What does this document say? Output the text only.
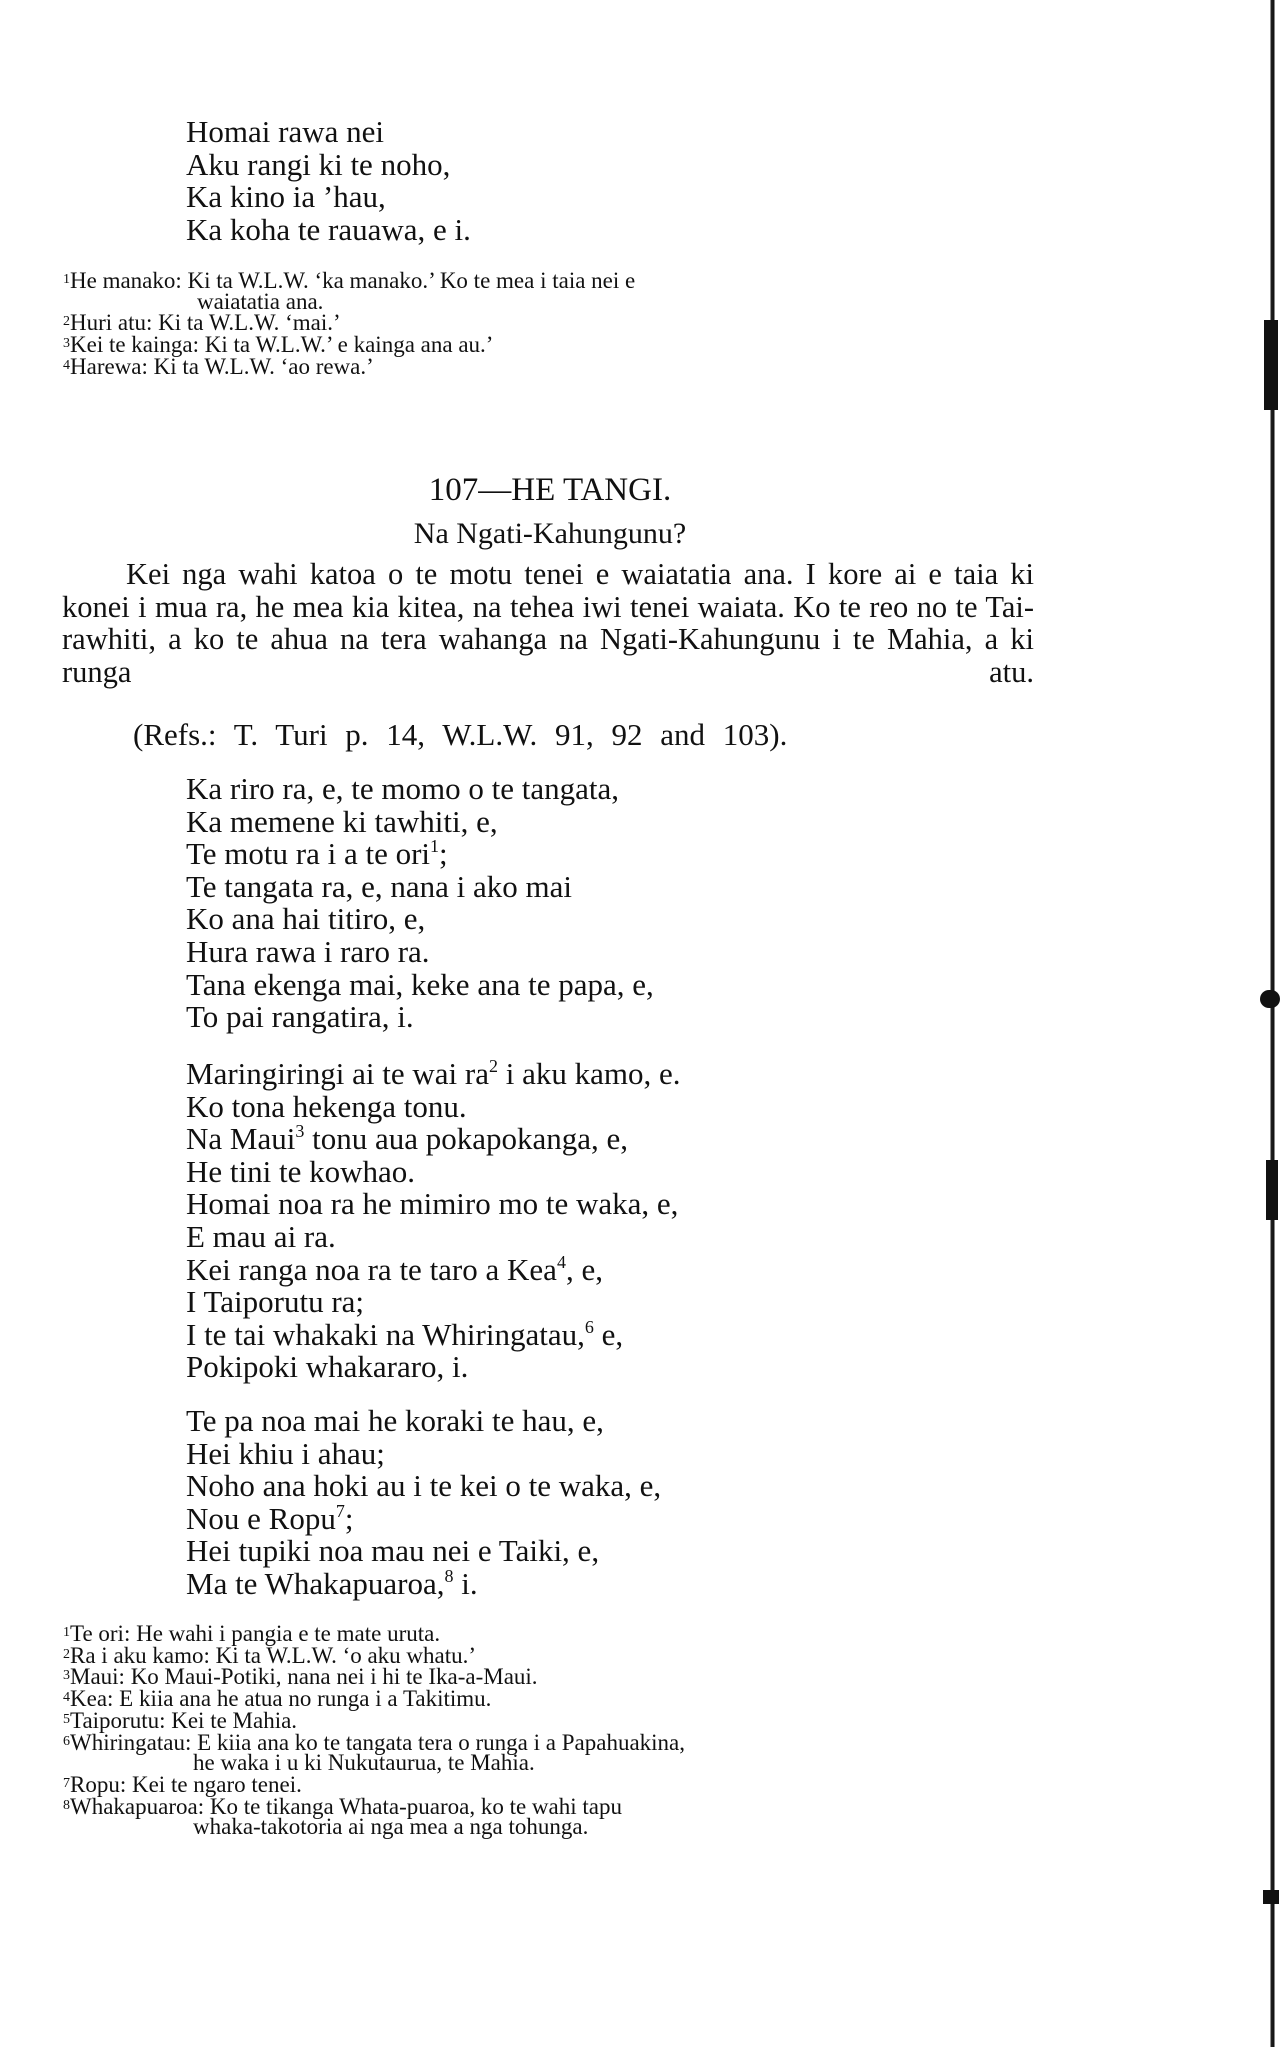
Homai rawa nei
Aku rangi ki te noho,
Ka kino ia ’hau,
Ka koha te rauawa, e i.
$^1$He manako: Ki ta W.L.W. ‘ka manako.’ Ko te mea i taia nei e
waiatatia ana.
$^2$Huri atu: Ki ta W.L.W. ‘mai.’
$^3$Kei te kainga: Ki ta W.L.W.’ e kainga ana au.’
$^4$Harewa: Ki ta W.L.W. ‘ao rewa.’
107—HE TANGI.
Na Ngati-Kahungunu?

Kei nga wahi katoa o te motu tenei e waiatatia ana. I kore ai e taia ki konei i mua ra, he mea kia kitea, na tehea iwi tenei waiata. Ko te reo no te Tai-rawhiti, a ko te ahua na tera wahanga na Ngati-Kahungunu i te Mahia, a ki runga atu.

(Refs.: T. Turi p. 14, W.L.W. 91, 92 and 103).
Ka riro ra, e, te momo o te tangata,
Ka memene ki tawhiti, e,
Te motu ra i a te ori$^1$;
Te tangata ra, e, nana i ako mai
Ko ana hai titiro, e,
Hura rawa i raro ra.
Tana ekenga mai, keke ana te papa, e,
To pai rangatira, i.
Maringiringi ai te wai $ra^2$ i aku kamo, e.
Ko tona hekenga tonu.
Na Maui$^3$ tonu aua pokapokanga, e,
He tini te kowhao.
Homai noa ra he mimiro mo te waka, e,
E mau ai ra.
Kei ranga noa ra te taro a Kea$^4$, e,
I Taiporutu ra;
I te tai whakaki na Whiringatau,$^6$ e,
Pokipoki whakararo, i.
Te pa noa mai he koraki te hau, e,
Hei khiu i ahau;
Noho ana hoki au i te kei o te waka, e,
Nou e Ropu$^7$;
Hei tupiki noa mau nei e Taiki, e,
Ma te Whakapuaroa,$^8$ i.
$^1$Te ori: He wahi i pangia e te mate uruta.
$^2$Ra i aku kamo: Ki ta W.L.W. ‘o aku whatu.’
$^3$Maui: Ko Maui-Potiki, nana nei i hi te Ika-a-Maui.
$^4$Kea: E kiia ana he atua no runga i a Takitimu.
$^5$Taiporutu: Kei te Mahia.
$^6$Whiringatau: E kiia ana ko te tangata tera o runga i a Papahuakina,
he waka i u ki Nukutaurua, te Mahia.
$^7$Ropu: Kei te ngaro tenei.
$^8$Whakapuaroa: Ko te tikanga Whata-puaroa, ko te wahi tapu
whaka-takotoria ai nga mea a nga tohunga.
